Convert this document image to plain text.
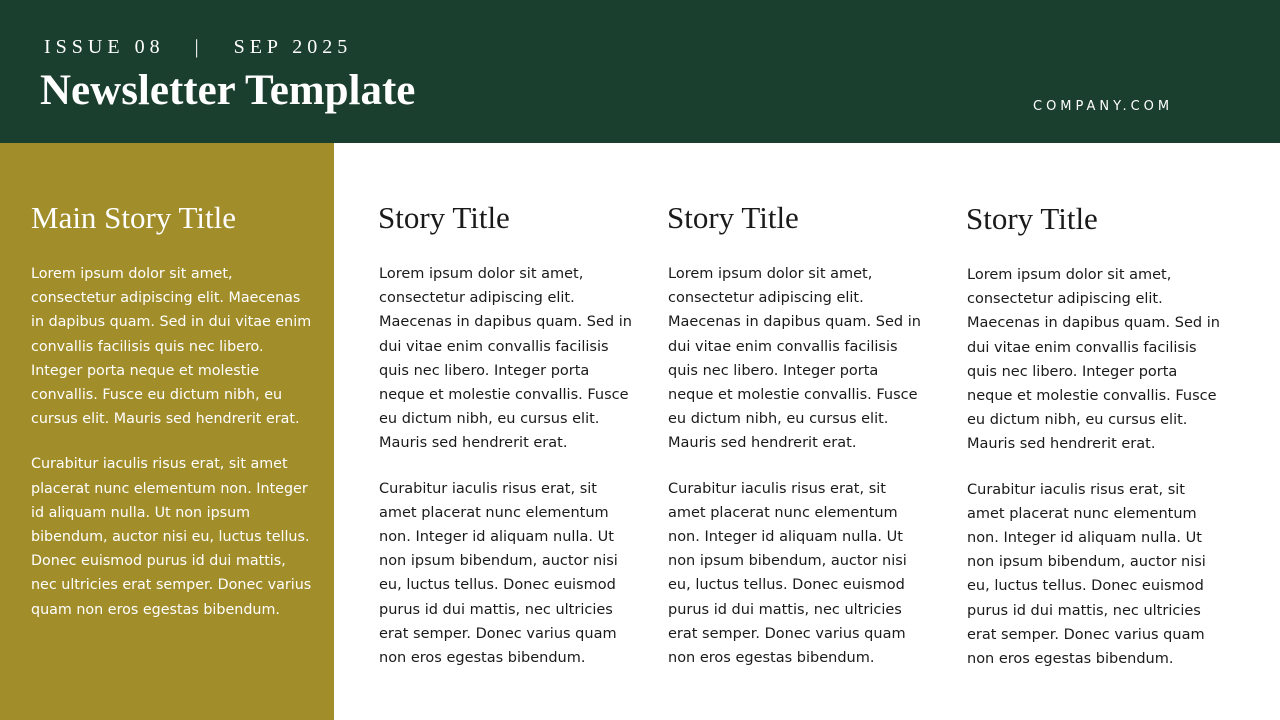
ISSUE 08   |   SEP 2025
Newsletter Template	COMPANY.COM
Main Story Title

Lorem ipsum dolor sit amet, consectetur adipiscing elit. Maecenas in dapibus quam. Sed in dui vitae enim convallis facilisis quis nec libero. Integer porta neque et molestie convallis. Fusce eu dictum nibh, eu cursus elit. Mauris sed hendrerit erat.

Curabitur iaculis risus erat, sit amet placerat nunc elementum non. Integer id aliquam nulla. Ut non ipsum bibendum, auctor nisi eu, luctus tellus. Donec euismod purus id dui mattis, nec ultricies erat semper. Donec varius quam non eros egestas bibendum.

Story Title

Lorem ipsum dolor sit amet, consectetur adipiscing elit. Maecenas in dapibus quam. Sed in dui vitae enim convallis facilisis quis nec libero. Integer porta neque et molestie convallis. Fusce eu dictum nibh, eu cursus elit. Mauris sed hendrerit erat.

Curabitur iaculis risus erat, sit amet placerat nunc elementum non. Integer id aliquam nulla. Ut non ipsum bibendum, auctor nisi eu, luctus tellus. Donec euismod purus id dui mattis, nec ultricies erat semper. Donec varius quam non eros egestas bibendum.

Story Title

Lorem ipsum dolor sit amet, consectetur adipiscing elit. Maecenas in dapibus quam. Sed in dui vitae enim convallis facilisis quis nec libero. Integer porta neque et molestie convallis. Fusce eu dictum nibh, eu cursus elit. Mauris sed hendrerit erat.

Curabitur iaculis risus erat, sit amet placerat nunc elementum non. Integer id aliquam nulla. Ut non ipsum bibendum, auctor nisi eu, luctus tellus. Donec euismod purus id dui mattis, nec ultricies erat semper. Donec varius quam non eros egestas bibendum.

Story Title

Lorem ipsum dolor sit amet, consectetur adipiscing elit. Maecenas in dapibus quam. Sed in dui vitae enim convallis facilisis quis nec libero. Integer porta neque et molestie convallis. Fusce eu dictum nibh, eu cursus elit. Mauris sed hendrerit erat.

Curabitur iaculis risus erat, sit amet placerat nunc elementum non. Integer id aliquam nulla. Ut non ipsum bibendum, auctor nisi eu, luctus tellus. Donec euismod purus id dui mattis, nec ultricies erat semper. Donec varius quam non eros egestas bibendum.
